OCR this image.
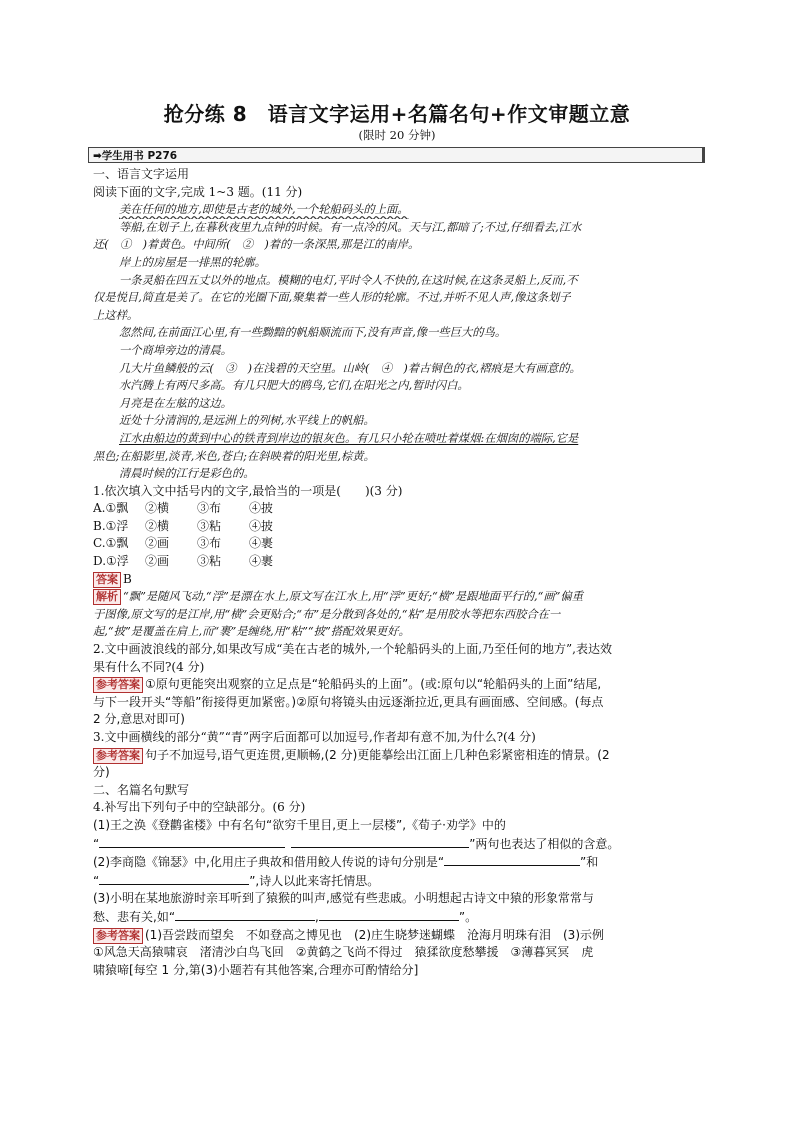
抢分练 8　语言文字运用+名篇名句+作文审题立意
(限时 20 分钟)
➡学生用书 P276
一、语言文字运用
阅读下面的文字,完成 1~3 题。(11 分)
美在任何的地方,即使是古老的城外,一个轮船码头的上面。
等船,在划子上,在暮秋夜里九点钟的时候。有一点冷的风。天与江,都暗了;不过,仔细看去,江水
还(　①　)着黄色。中间所(　②　)着的一条深黑,那是江的南岸。
岸上的房屋是一排黑的轮廓。
一条灵船在四五丈以外的地点。模糊的电灯,平时令人不快的,在这时候,在这条灵船上,反而,不
仅是悦目,简直是美了。在它的光圈下面,聚集着一些人形的轮廓。不过,并听不见人声,像这条划子
上这样。
忽然间,在前面江心里,有一些黝黯的帆船顺流而下,没有声音,像一些巨大的鸟。
一个商埠旁边的清晨。
几大片鱼鳞般的云(　③　)在浅碧的天空里。山岭(　④　)着古铜色的衣,褶痕是大有画意的。
水汽腾上有两尺多高。有几只肥大的鸥鸟,它们,在阳光之内,暂时闪白。
月亮是在左舷的这边。
近处十分清润的,是远洲上的列树,水平线上的帆船。
江水由船边的黄到中心的铁青到岸边的银灰色。有几只小轮在喷吐着煤烟:在烟囱的端际,它是
黑色;在船影里,淡青,米色,苍白;在斜映着的阳光里,棕黄。
清晨时候的江行是彩色的。
1.依次填入文中括号内的文字,最恰当的一项是(　　)(3 分)
A.①飘 ②横 ③布 ④披
B.①浮 ②横 ③粘 ④披
C.①飘 ②画 ③布 ④裹
D.①浮 ②画 ③粘 ④裹
答案 B
解析 “飘”是随风飞动,“浮”是漂在水上,原文写在江水上,用“浮”更好;“横”是跟地面平行的,“画”偏重
于图像,原文写的是江岸,用“横”会更贴合;“布”是分散到各处的,“粘”是用胶水等把东西胶合在一
起,“披”是覆盖在肩上,而“裹”是缠绕,用“粘”“披”搭配效果更好。
2.文中画波浪线的部分,如果改写成“美在古老的城外,一个轮船码头的上面,乃至任何的地方”,表达效
果有什么不同?(4 分)
参考答案 ①原句更能突出观察的立足点是“轮船码头的上面”。(或:原句以“轮船码头的上面”结尾,
与下一段开头“等船”衔接得更加紧密。)②原句将镜头由远逐渐拉近,更具有画面感、空间感。(每点
2 分,意思对即可)
3.文中画横线的部分“黄”“青”两字后面都可以加逗号,作者却有意不加,为什么?(4 分)
参考答案 句子不加逗号,语气更连贯,更顺畅,(2 分)更能摹绘出江面上几种色彩紧密相连的情景。(2
分)
二、名篇名句默写
4.补写出下列句子中的空缺部分。(6 分)
(1)王之涣《登鹳雀楼》中有名句“欲穷千里目,更上一层楼”,《荀子·劝学》中的
“	”两句也表达了相似的含意。
(2)李商隐《锦瑟》中,化用庄子典故和借用鲛人传说的诗句分别是“	”和
“	”,诗人以此来寄托情思。
(3)小明在某地旅游时亲耳听到了猿猴的叫声,感觉有些悲戚。小明想起古诗文中猿的形象常常与
愁、悲有关,如“	,	”。
参考答案 (1)吾尝跂而望矣　不如登高之博见也　(2)庄生晓梦迷蝴蝶　沧海月明珠有泪　(3)示例
①风急天高猿啸哀　渚清沙白鸟飞回　②黄鹤之飞尚不得过　猿猱欲度愁攀援　③薄暮冥冥　虎
啸猿啼[每空 1 分,第(3)小题若有其他答案,合理亦可酌情给分]
